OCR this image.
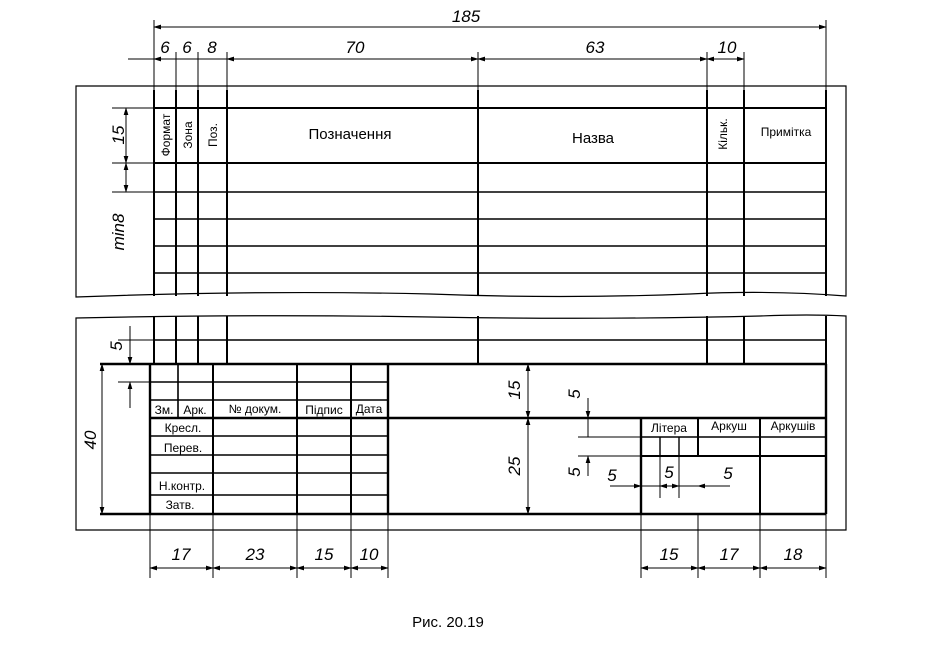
185
6 6 8	70	63	10
15
min8
Формат Зона Поз.	Позначення	Назва	Кільк.	Примітка
5
40
15
25
5
5 5	5	5
Зм. Арк. № докум. Підпис Дата
Кресл.
Перев.
Н.контр.
Затв.
Літера Аркуш Аркушів
17	23	15 10	15 17	18
Рис. 20.19
